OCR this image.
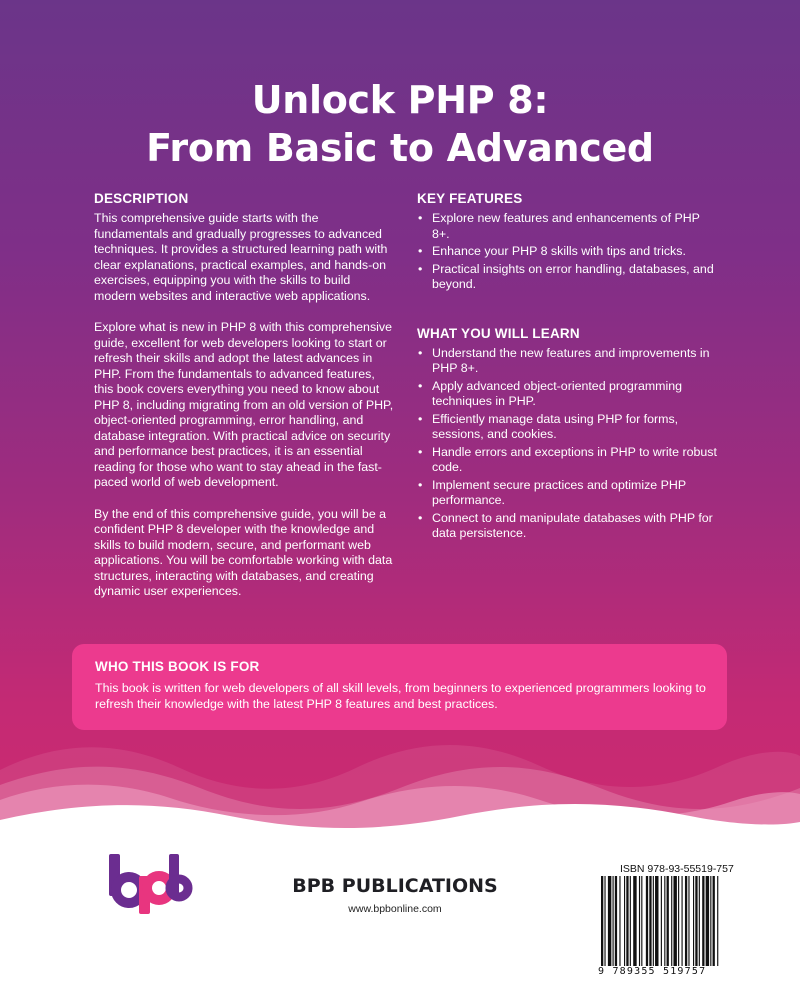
Unlock PHP 8:
From Basic to Advanced
DESCRIPTION

This comprehensive guide starts with the fundamentals and gradually progresses to advanced techniques. It provides a structured learning path with clear explanations, practical examples, and hands-on exercises, equipping you with the skills to build modern websites and interactive web applications.

Explore what is new in PHP 8 with this comprehensive guide, excellent for web developers looking to start or refresh their skills and adopt the latest advances in PHP. From the fundamentals to advanced features, this book covers everything you need to know about PHP 8, including migrating from an old version of PHP, object-oriented programming, error handling, and database integration. With practical advice on security and performance best practices, it is an essential reading for those who want to stay ahead in the fast-paced world of web development.

By the end of this comprehensive guide, you will be a confident PHP 8 developer with the knowledge and skills to build modern, secure, and performant web applications. You will be comfortable working with data structures, interacting with databases, and creating dynamic user experiences.

KEY FEATURES
• Explore new features and enhancements of PHP 8+.
• Enhance your PHP 8 skills with tips and tricks.
• Practical insights on error handling, databases, and beyond.
WHAT YOU WILL LEARN
• Understand the new features and improvements in PHP 8+.
• Apply advanced object-oriented programming techniques in PHP.
• Efficiently manage data using PHP for forms, sessions, and cookies.
• Handle errors and exceptions in PHP to write robust code.
• Implement secure practices and optimize PHP performance.
• Connect to and manipulate databases with PHP for data persistence.
WHO THIS BOOK IS FOR

This book is written for web developers of all skill levels, from beginners to experienced programmers looking to refresh their knowledge with the latest PHP 8 features and best practices.

BPB PUBLICATIONS
www.bpbonline.com
ISBN 978-93-55519-757
9 789355 519757
